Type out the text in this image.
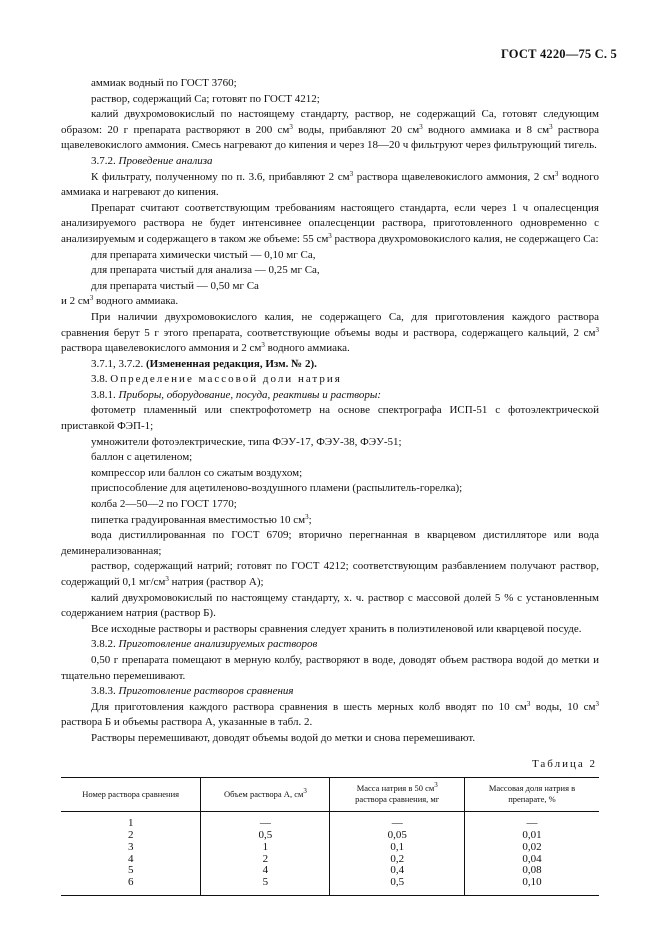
ГОСТ 4220—75 С. 5

аммиак водный по ГОСТ 3760;

раствор, содержащий Са; готовят по ГОСТ 4212;

калий двухромовокислый по настоящему стандарту, раствор, не содержащий Са, готовят следующим образом: 20 г препарата растворяют в 200 $см^3$ воды, прибавляют 20 $см^3$ водного аммиака и 8 $см^3$ раствора щавелевокислого аммония. Смесь нагревают до кипения и через 18—20 ч фильтруют через фильтрующий тигель.

3.7.2. Проведение анализа

К фильтрату, полученному по п. 3.6, прибавляют 2 $см^3$ раствора щавелевокислого аммония, 2 $см^3$ водного аммиака и нагревают до кипения.

Препарат считают соответствующим требованиям настоящего стандарта, если через 1 ч опалесценция анализируемого раствора не будет интенсивнее опалесценции раствора, приготовленного одновременно с анализируемым и содержащего в таком же объеме: 55 $см^3$ раствора двухромовокислого калия, не содержащего Са:

для препарата химически чистый — 0,10 мг Са,

для препарата чистый для анализа — 0,25 мг Са,

для препарата чистый — 0,50 мг Са

и 2 $см^3$ водного аммиака.

При наличии двухромовокислого калия, не содержащего Са, для приготовления каждого раствора сравнения берут 5 г этого препарата, соответствующие объемы воды и раствора, содержащего кальций, 2 $см^3$ раствора щавелевокислого аммония и 2 $см^3$ водного аммиака.

3.7.1, 3.7.2. (Измененная редакция, Изм. № 2).

3.8. Определение массовой доли натрия

3.8.1. Приборы, оборудование, посуда, реактивы и растворы:

фотометр пламенный или спектрофотометр на основе спектрографа ИСП-51 с фотоэлектрической приставкой ФЭП-1;

умножители фотоэлектрические, типа ФЭУ-17, ФЭУ-38, ФЭУ-51;

баллон с ацетиленом;

компрессор или баллон со сжатым воздухом;

приспособление для ацетиленово-воздушного пламени (распылитель-горелка);

колба 2—50—2 по ГОСТ 1770;

пипетка градуированная вместимостью 10 $см^3$;

вода дистиллированная по ГОСТ 6709; вторично перегнанная в кварцевом дистилляторе или вода деминерализованная;

раствор, содержащий натрий; готовят по ГОСТ 4212; соответствующим разбавлением получают раствор, содержащий 0,1 $мг/см^3$ натрия (раствор А);

калий двухромовокислый по настоящему стандарту, х. ч. раствор с массовой долей 5 % с установленным содержанием натрия (раствор Б).

Все исходные растворы и растворы сравнения следует хранить в полиэтиленовой или кварцевой посуде.

3.8.2. Приготовление анализируемых растворов

0,50 г препарата помещают в мерную колбу, растворяют в воде, доводят объем раствора водой до метки и тщательно перемешивают.

3.8.3. Приготовление растворов сравнения

Для приготовления каждого раствора сравнения в шесть мерных колб вводят по 10 $см^3$ воды, 10 $см^3$ раствора Б и объемы раствора А, указанные в табл. 2.

Растворы перемешивают, доводят объемы водой до метки и снова перемешивают.

Таблица 2
Номер раствора сравнения	Объем раствора А, $см^3$	Масса натрия в 50 $см^3$
раствора сравнения, мг	Массовая доля натрия в
препарате, %
1	—	—	—
2	0,5	0,05	0,01
3	1	0,1	0,02
4	2	0,2	0,04
5	4	0,4	0,08
6	5	0,5	0,10
